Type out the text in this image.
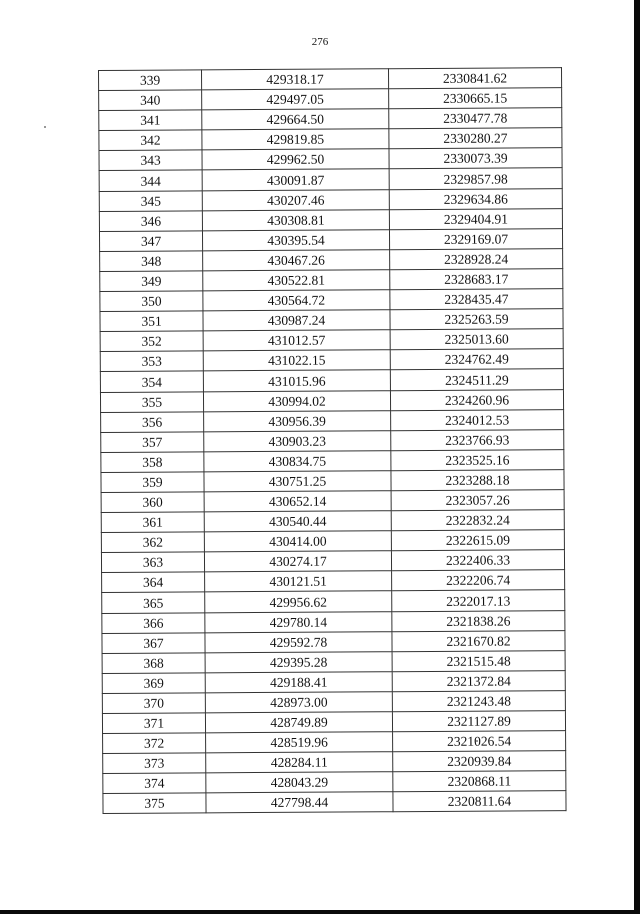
276
339	429318.17	2330841.62
340	429497.05	2330665.15
341	429664.50	2330477.78
342	429819.85	2330280.27
343	429962.50	2330073.39
344	430091.87	2329857.98
345	430207.46	2329634.86
346	430308.81	2329404.91
347	430395.54	2329169.07
348	430467.26	2328928.24
349	430522.81	2328683.17
350	430564.72	2328435.47
351	430987.24	2325263.59
352	431012.57	2325013.60
353	431022.15	2324762.49
354	431015.96	2324511.29
355	430994.02	2324260.96
356	430956.39	2324012.53
357	430903.23	2323766.93
358	430834.75	2323525.16
359	430751.25	2323288.18
360	430652.14	2323057.26
361	430540.44	2322832.24
362	430414.00	2322615.09
363	430274.17	2322406.33
364	430121.51	2322206.74
365	429956.62	2322017.13
366	429780.14	2321838.26
367	429592.78	2321670.82
368	429395.28	2321515.48
369	429188.41	2321372.84
370	428973.00	2321243.48
371	428749.89	2321127.89
372	428519.96	2321026.54
373	428284.11	2320939.84
374	428043.29	2320868.11
375	427798.44	2320811.64
